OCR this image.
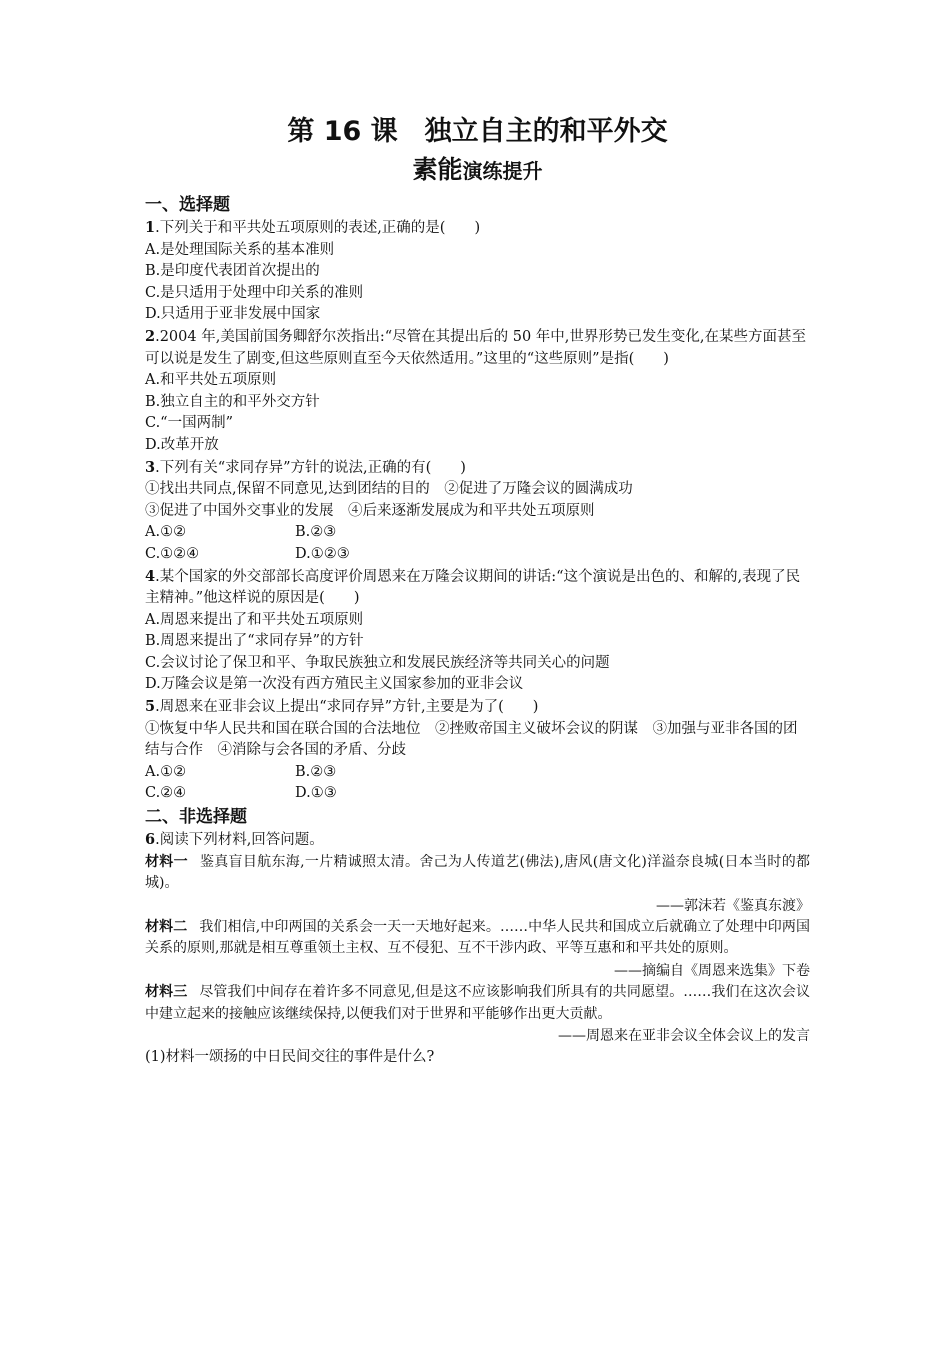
第 16 课　独立自主的和平外交

素能演练提升

一、选择题

1.下列关于和平共处五项原则的表述,正确的是(　　)

A.是处理国际关系的基本准则

B.是印度代表团首次提出的

C.是只适用于处理中印关系的准则

D.只适用于亚非发展中国家

2.2004 年,美国前国务卿舒尔茨指出:“尽管在其提出后的 50 年中,世界形势已发生变化,在某些方面甚至可以说是发生了剧变,但这些原则直至今天依然适用。”这里的“这些原则”是指(　　)

A.和平共处五项原则

B.独立自主的和平外交方针

C.“一国两制”

D.改革开放

3.下列有关“求同存异”方针的说法,正确的有(　　)

①找出共同点,保留不同意见,达到团结的目的　②促进了万隆会议的圆满成功

③促进了中国外交事业的发展　④后来逐渐发展成为和平共处五项原则

A.①②	B.②③
C.①②④	D.①②③

4.某个国家的外交部部长高度评价周恩来在万隆会议期间的讲话:“这个演说是出色的、和解的,表现了民主精神。”他这样说的原因是(　　)

A.周恩来提出了和平共处五项原则

B.周恩来提出了“求同存异”的方针

C.会议讨论了保卫和平、争取民族独立和发展民族经济等共同关心的问题

D.万隆会议是第一次没有西方殖民主义国家参加的亚非会议

5.周恩来在亚非会议上提出“求同存异”方针,主要是为了(　　)

①恢复中华人民共和国在联合国的合法地位　②挫败帝国主义破坏会议的阴谋　③加强与亚非各国的团结与合作　④消除与会各国的矛盾、分歧

A.①②	B.②③
C.②④	D.①③

二、非选择题

6.阅读下列材料,回答问题。

材料一 鉴真盲目航东海,一片精诚照太清。舍己为人传道艺(佛法),唐风(唐文化)洋溢奈良城(日本当时的都城)。

——郭沫若《鉴真东渡》

材料二 我们相信,中印两国的关系会一天一天地好起来。……中华人民共和国成立后就确立了处理中印两国关系的原则,那就是相互尊重领土主权、互不侵犯、互不干涉内政、平等互惠和和平共处的原则。

——摘编自《周恩来选集》下卷

材料三 尽管我们中间存在着许多不同意见,但是这不应该影响我们所具有的共同愿望。……我们在这次会议中建立起来的接触应该继续保持,以便我们对于世界和平能够作出更大贡献。

——周恩来在亚非会议全体会议上的发言

(1)材料一颂扬的中日民间交往的事件是什么?
